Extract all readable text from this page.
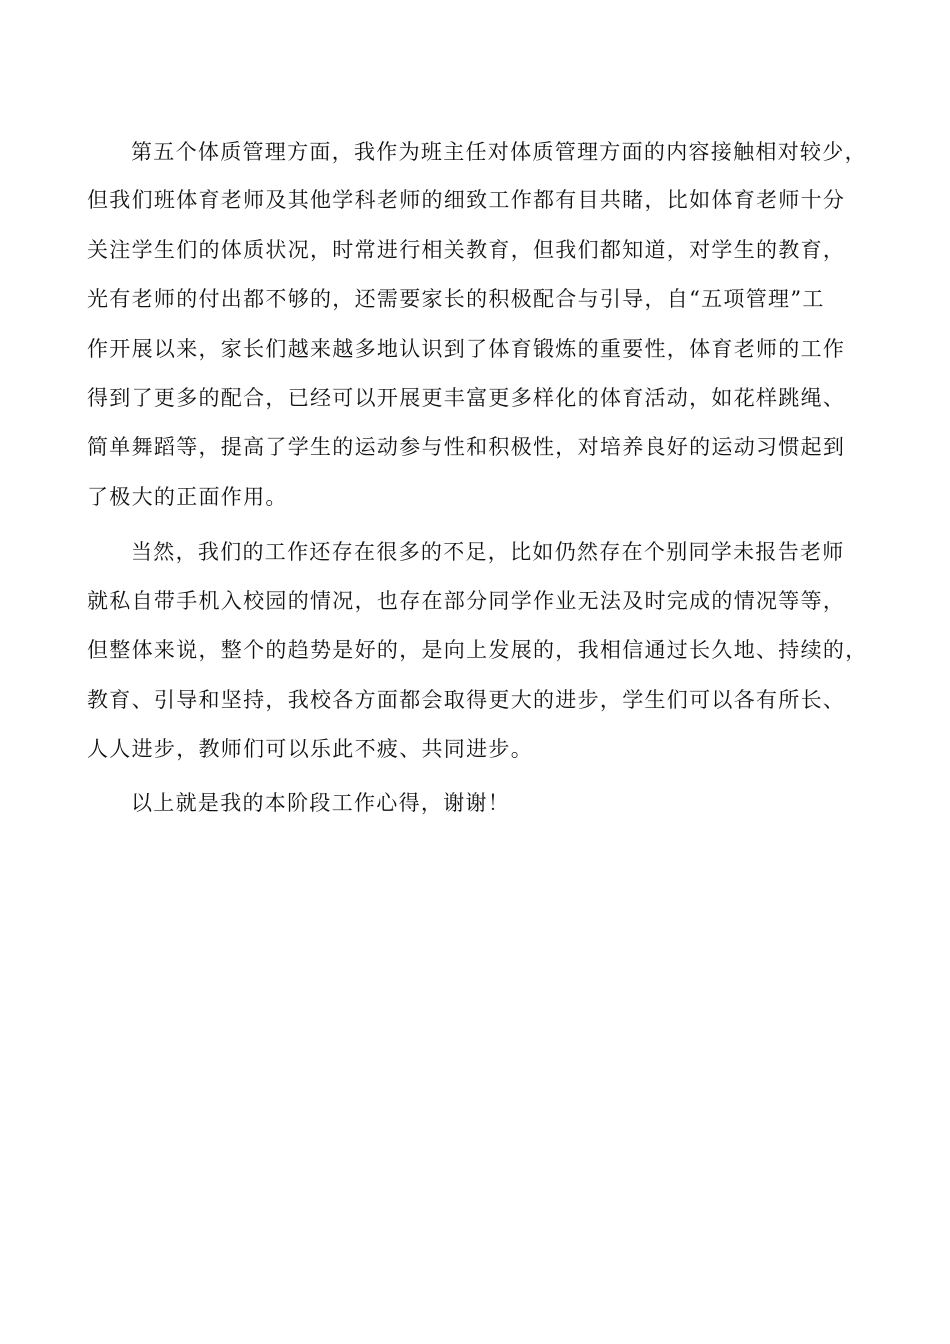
第五个体质管理方面，我作为班主任对体质管理方面的内容接触相对较少，
但我们班体育老师及其他学科老师的细致工作都有目共睹，比如体育老师十分
关注学生们的体质状况，时常进行相关教育，但我们都知道，对学生的教育，
光有老师的付出都不够的，还需要家长的积极配合与引导，自“五项管理”工
作开展以来，家长们越来越多地认识到了体育锻炼的重要性，体育老师的工作
得到了更多的配合，已经可以开展更丰富更多样化的体育活动，如花样跳绳、
简单舞蹈等，提高了学生的运动参与性和积极性，对培养良好的运动习惯起到
了极大的正面作用。
当然，我们的工作还存在很多的不足，比如仍然存在个别同学未报告老师
就私自带手机入校园的情况，也存在部分同学作业无法及时完成的情况等等，
但整体来说，整个的趋势是好的，是向上发展的，我相信通过长久地、持续的，
教育、引导和坚持，我校各方面都会取得更大的进步，学生们可以各有所长、
人人进步，教师们可以乐此不疲、共同进步。
以上就是我的本阶段工作心得，谢谢！
